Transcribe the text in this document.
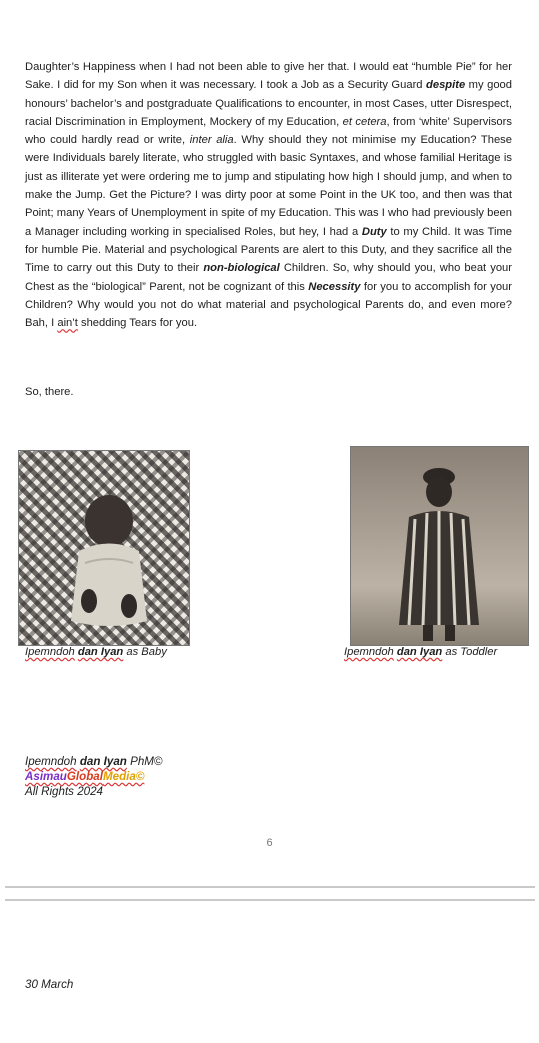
Daughter’s Happiness when I had not been able to give her that. I would eat “humble Pie” for her Sake. I did for my Son when it was necessary. I took a Job as a Security Guard despite my good honours’ bachelor’s and postgraduate Qualifications to encounter, in most Cases, utter Disrespect, racial Discrimination in Employment, Mockery of my Education, et cetera, from ‘white’ Supervisors who could hardly read or write, inter alia. Why should they not minimise my Education? These were Individuals barely literate, who struggled with basic Syntaxes, and whose familial Heritage is just as illiterate yet were ordering me to jump and stipulating how high I should jump, and when to make the Jump. Get the Picture? I was dirty poor at some Point in the UK too, and then was that Point; many Years of Unemployment in spite of my Education. This was I who had previously been a Manager including working in specialised Roles, but hey, I had a Duty to my Child. It was Time for humble Pie. Material and psychological Parents are alert to this Duty, and they sacrifice all the Time to carry out this Duty to their non-biological Children. So, why should you, who beat your Chest as the “biological” Parent, not be cognizant of this Necessity for you to accomplish for your Children? Why would you not do what material and psychological Parents do, and even more? Bah, I ain’t shedding Tears for you.
So, there.
Ipemndoh dan Iyan as Baby	Ipemndoh dan Iyan as Toddler
Ipemndoh dan Iyan PhM©
AsimauGlobalMedia©
All Rights 2024
6
30 March
